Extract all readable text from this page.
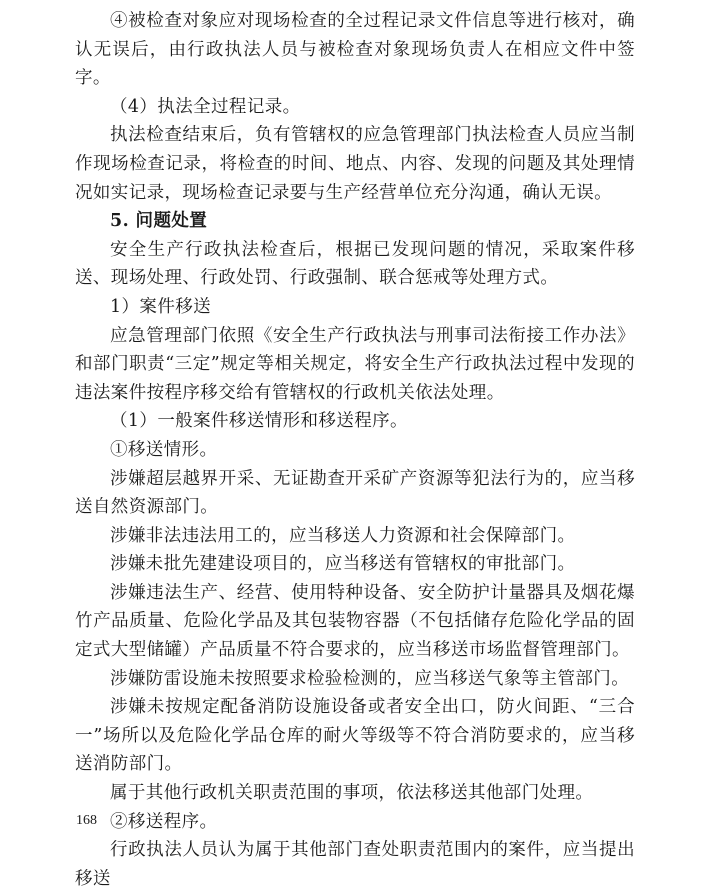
④被检查对象应对现场检查的全过程记录文件信息等进行核对，确认无误后，由行政执法人员与被检查对象现场负责人在相应文件中签字。

（4）执法全过程记录。

执法检查结束后，负有管辖权的应急管理部门执法检查人员应当制作现场检查记录，将检查的时间、地点、内容、发现的问题及其处理情况如实记录，现场检查记录要与生产经营单位充分沟通，确认无误。

5. 问题处置

安全生产行政执法检查后，根据已发现问题的情况，采取案件移送、现场处理、行政处罚、行政强制、联合惩戒等处理方式。

1）案件移送

应急管理部门依照《安全生产行政执法与刑事司法衔接工作办法》和部门职责“三定”规定等相关规定，将安全生产行政执法过程中发现的违法案件按程序移交给有管辖权的行政机关依法处理。

（1）一般案件移送情形和移送程序。

①移送情形。

涉嫌超层越界开采、无证勘查开采矿产资源等犯法行为的，应当移送自然资源部门。

涉嫌非法违法用工的，应当移送人力资源和社会保障部门。

涉嫌未批先建建设项目的，应当移送有管辖权的审批部门。

涉嫌违法生产、经营、使用特种设备、安全防护计量器具及烟花爆竹产品质量、危险化学品及其包装物容器（不包括储存危险化学品的固定式大型储罐）产品质量不符合要求的，应当移送市场监督管理部门。

涉嫌防雷设施未按照要求检验检测的，应当移送气象等主管部门。

涉嫌未按规定配备消防设施设备或者安全出口，防火间距、“三合一”场所以及危险化学品仓库的耐火等级等不符合消防要求的，应当移送消防部门。

属于其他行政机关职责范围的事项，依法移送其他部门处理。

②移送程序。

行政执法人员认为属于其他部门查处职责范围内的案件，应当提出移送

168
